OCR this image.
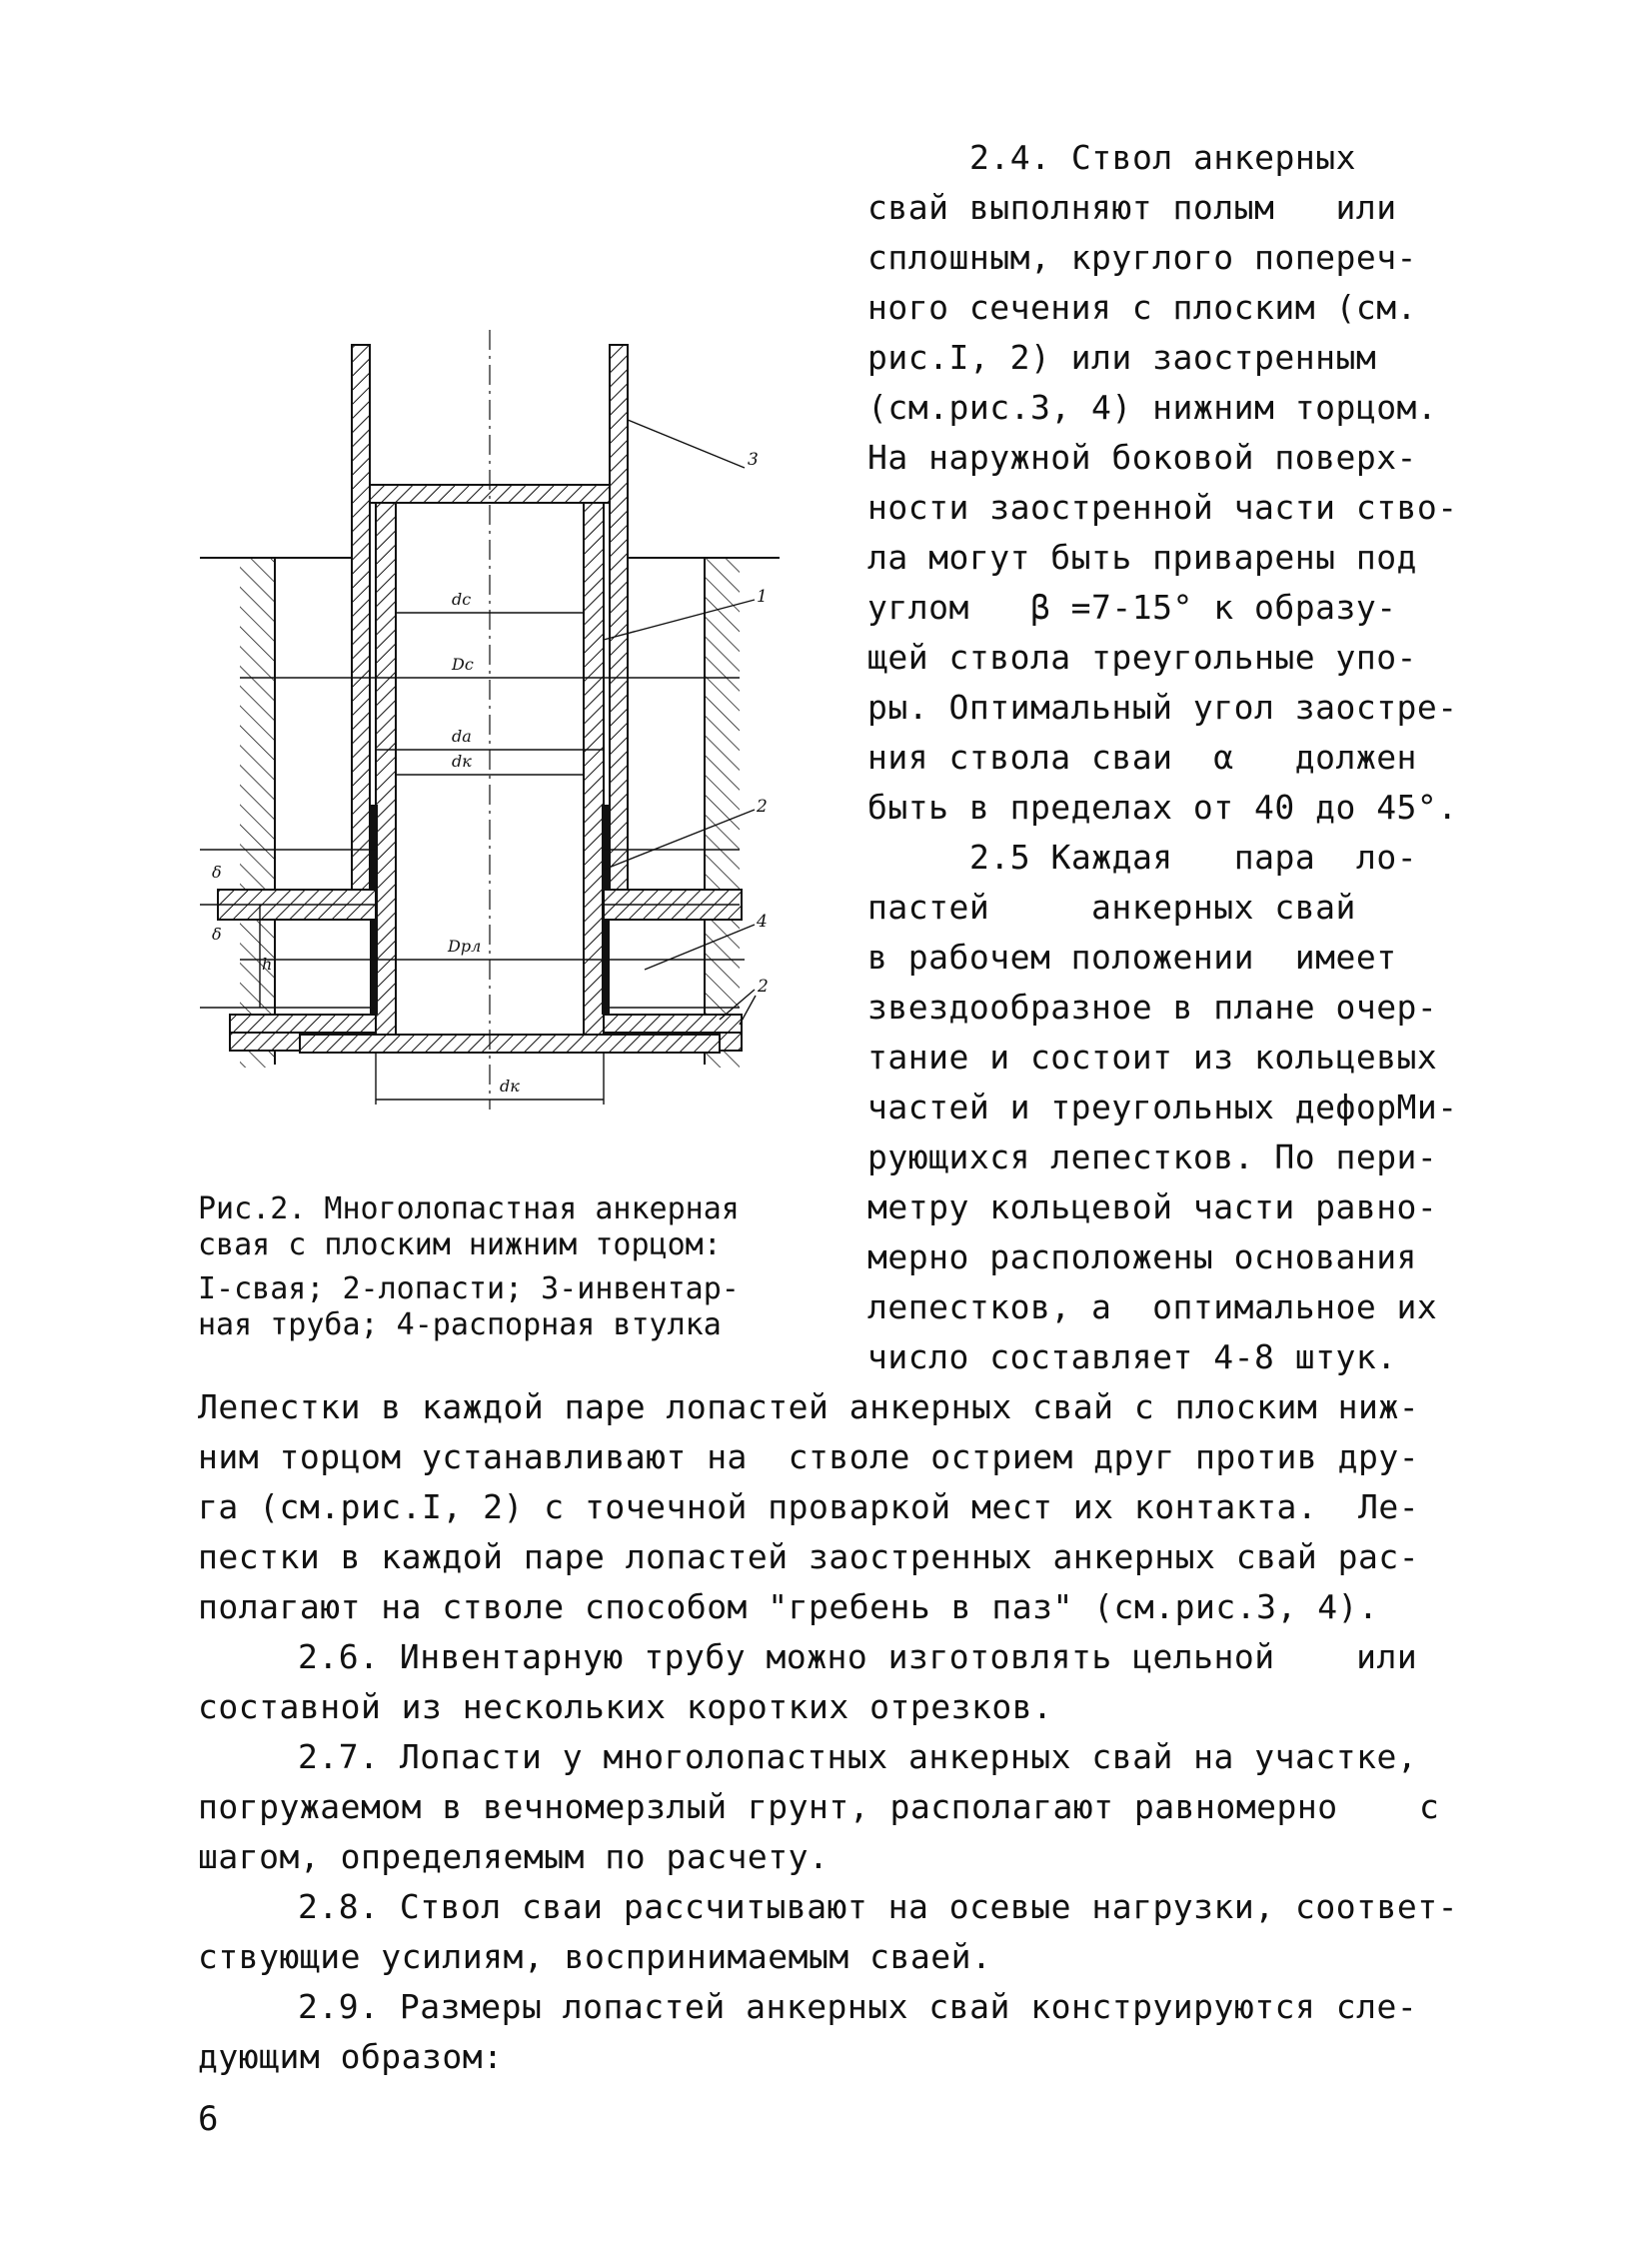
2.4. Ствол анкерных
свай выполняют полым   или
сплошным, круглого попереч-
ного сечения с плоским (см.
рис.I, 2) или заостренным
(см.рис.3, 4) нижним торцом.
На наружной боковой поверх-
ности заостренной части ство-
ла могут быть приварены под
углом   β =7-15° к образу-
щей ствола треугольные упо-
ры. Оптимальный угол заостре-
ния ствола сваи  α   должен
быть в пределах от 40 до 45°.
2.5 Каждая   пара  ло-
пастей     анкерных свай
в рабочем положении  имеет
звездообразное в плане очер-
тание и состоит из кольцевых
частей и треугольных дефорМи-
рующихся лепестков. По пери-
метру кольцевой части равно-
мерно расположены основания
лепестков, а  оптимальное их
число составляет 4-8 штук.
dc
Dc
da
dк
Dрл
dк
h
δ
δ
3
1
2
4
2
Рис.2. Многолопастная анкерная
свая с плоским нижним торцом:
I-свая; 2-лопасти; 3-инвентар-
ная труба; 4-распорная втулка
Лепестки в каждой паре лопастей анкерных свай с плоским ниж-
ним торцом устанавливают на  стволе острием друг против дру-
га (см.рис.I, 2) с точечной проваркой мест их контакта.  Ле-
пестки в каждой паре лопастей заостренных анкерных свай рас-
полагают на стволе способом "гребень в паз" (см.рис.3, 4).
2.6. Инвентарную трубу можно изготовлять цельной    или
составной из нескольких коротких отрезков.
2.7. Лопасти у многолопастных анкерных свай на участке,
погружаемом в вечномерзлый грунт, располагают равномерно    с
шагом, определяемым по расчету.
2.8. Ствол сваи рассчитывают на осевые нагрузки, соответ-
ствующие усилиям, воспринимаемым сваей.
2.9. Размеры лопастей анкерных свай конструируются сле-
дующим образом:
6
